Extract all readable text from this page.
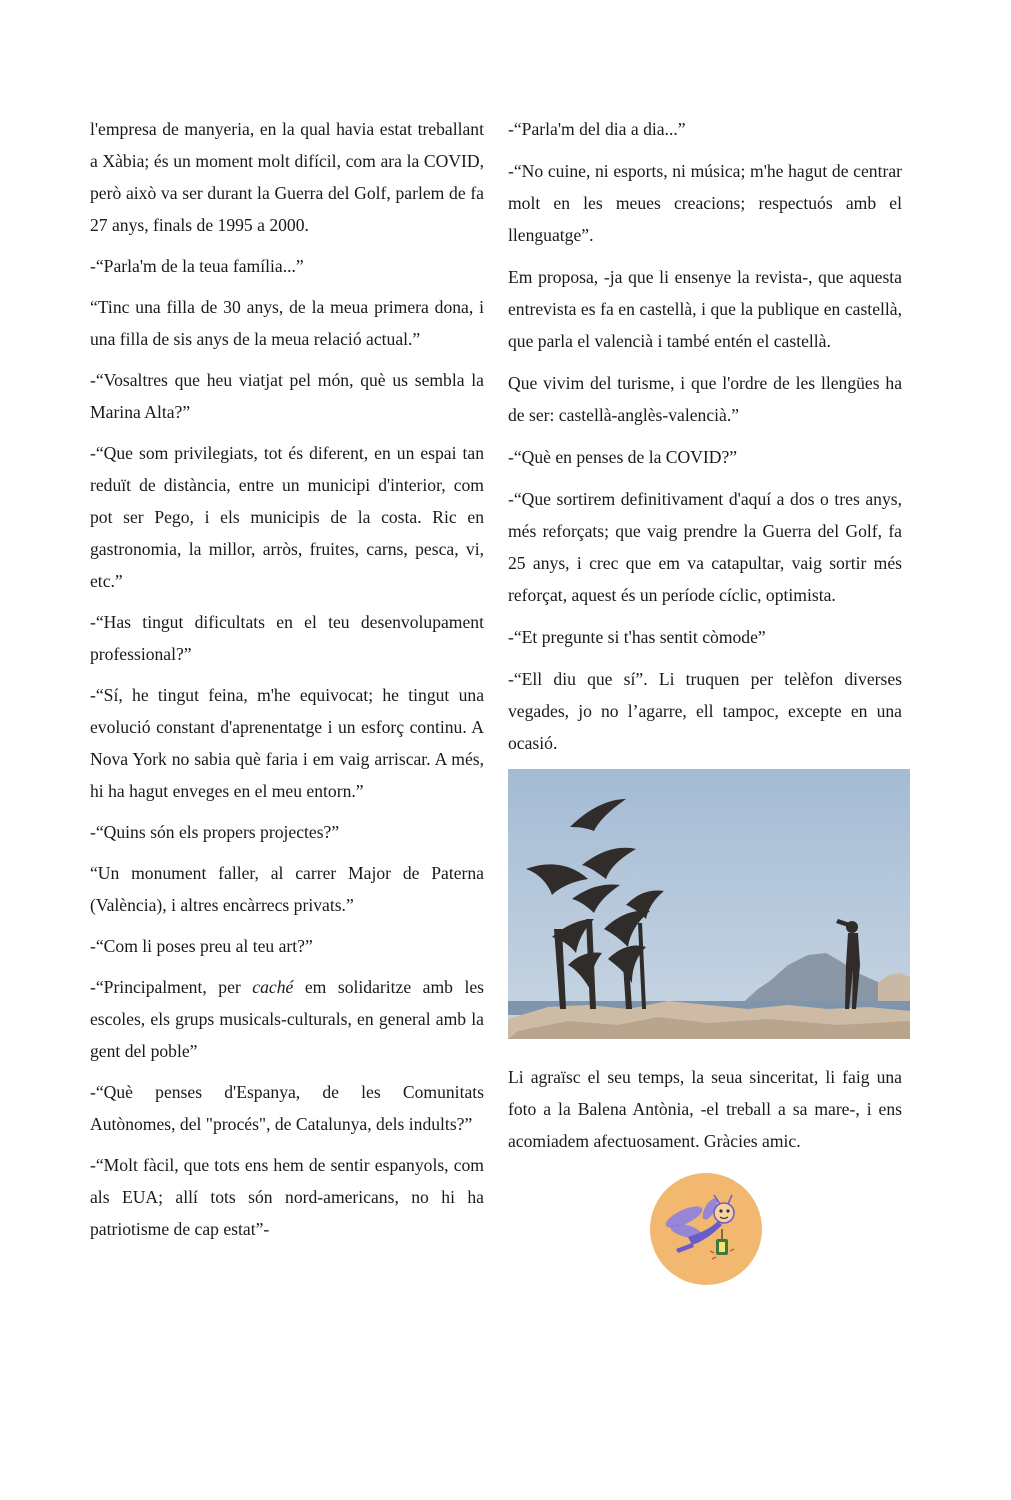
l'empresa de manyeria, en la qual havia estat treballant a Xàbia; és un moment molt difícil, com ara la COVID, però això va ser durant la Guerra del Golf, parlem de fa 27 anys, finals de 1995 a 2000.

-“Parla'm de la teua família...”

“Tinc una filla de 30 anys, de la meua primera dona, i una filla de sis anys de la meua relació actual.”

-“Vosaltres que heu viatjat pel món, què us sembla la Marina Alta?”

-“Que som privilegiats, tot és diferent, en un espai tan reduït de distància, entre un municipi d'interior, com pot ser Pego, i els municipis de la costa. Ric en gastronomia, la millor, arròs, fruites, carns, pesca, vi, etc.”

-“Has tingut dificultats en el teu desenvolupament professional?”

-“Sí, he tingut feina, m'he equivocat; he tingut una evolució constant d'aprenentatge i un esforç continu. A Nova York no sabia què faria i em vaig arriscar. A més, hi ha hagut enveges en el meu entorn.”

-“Quins són els propers projectes?”

“Un monument faller, al carrer Major de Paterna (València), i altres encàrrecs privats.”

-“Com li poses preu al teu art?”

-“Principalment, per caché em solidaritze amb les escoles, els grups musicals-culturals, en general amb la gent del poble”

-“Què penses d'Espanya, de les Comunitats Autònomes, del "procés", de Catalunya, dels indults?”

-“Molt fàcil, que tots ens hem de sentir espanyols, com als EUA; allí tots són nord-americans, no hi ha patriotisme de cap estat”-

-“Parla'm del dia a dia...”

-“No cuine, ni esports, ni música; m'he hagut de centrar molt en les meues creacions; respectuós amb el llenguatge”.

Em proposa, -ja que li ensenye la revista-, que aquesta entrevista es fa en castellà, i que la publique en castellà, que parla el valencià i també entén el castellà.

Que vivim del turisme, i que l'ordre de les llengües ha de ser: castellà-anglès-valencià.”

-“Què en penses de la COVID?”

-“Que sortirem definitivament d'aquí a dos o tres anys, més reforçats; que vaig prendre la Guerra del Golf, fa 25 anys, i crec que em va catapultar, vaig sortir més reforçat, aquest és un període cíclic, optimista.

-“Et pregunte si t'has sentit còmode”

-“Ell diu que sí”. Li truquen per telèfon diverses vegades, jo no l’agarre, ell tampoc, excepte en una ocasió.

Li agraïsc el seu temps, la seua sinceritat, li faig una foto a la Balena Antònia, -el treball a sa mare-, i ens acomiadem afectuosament. Gràcies amic.
